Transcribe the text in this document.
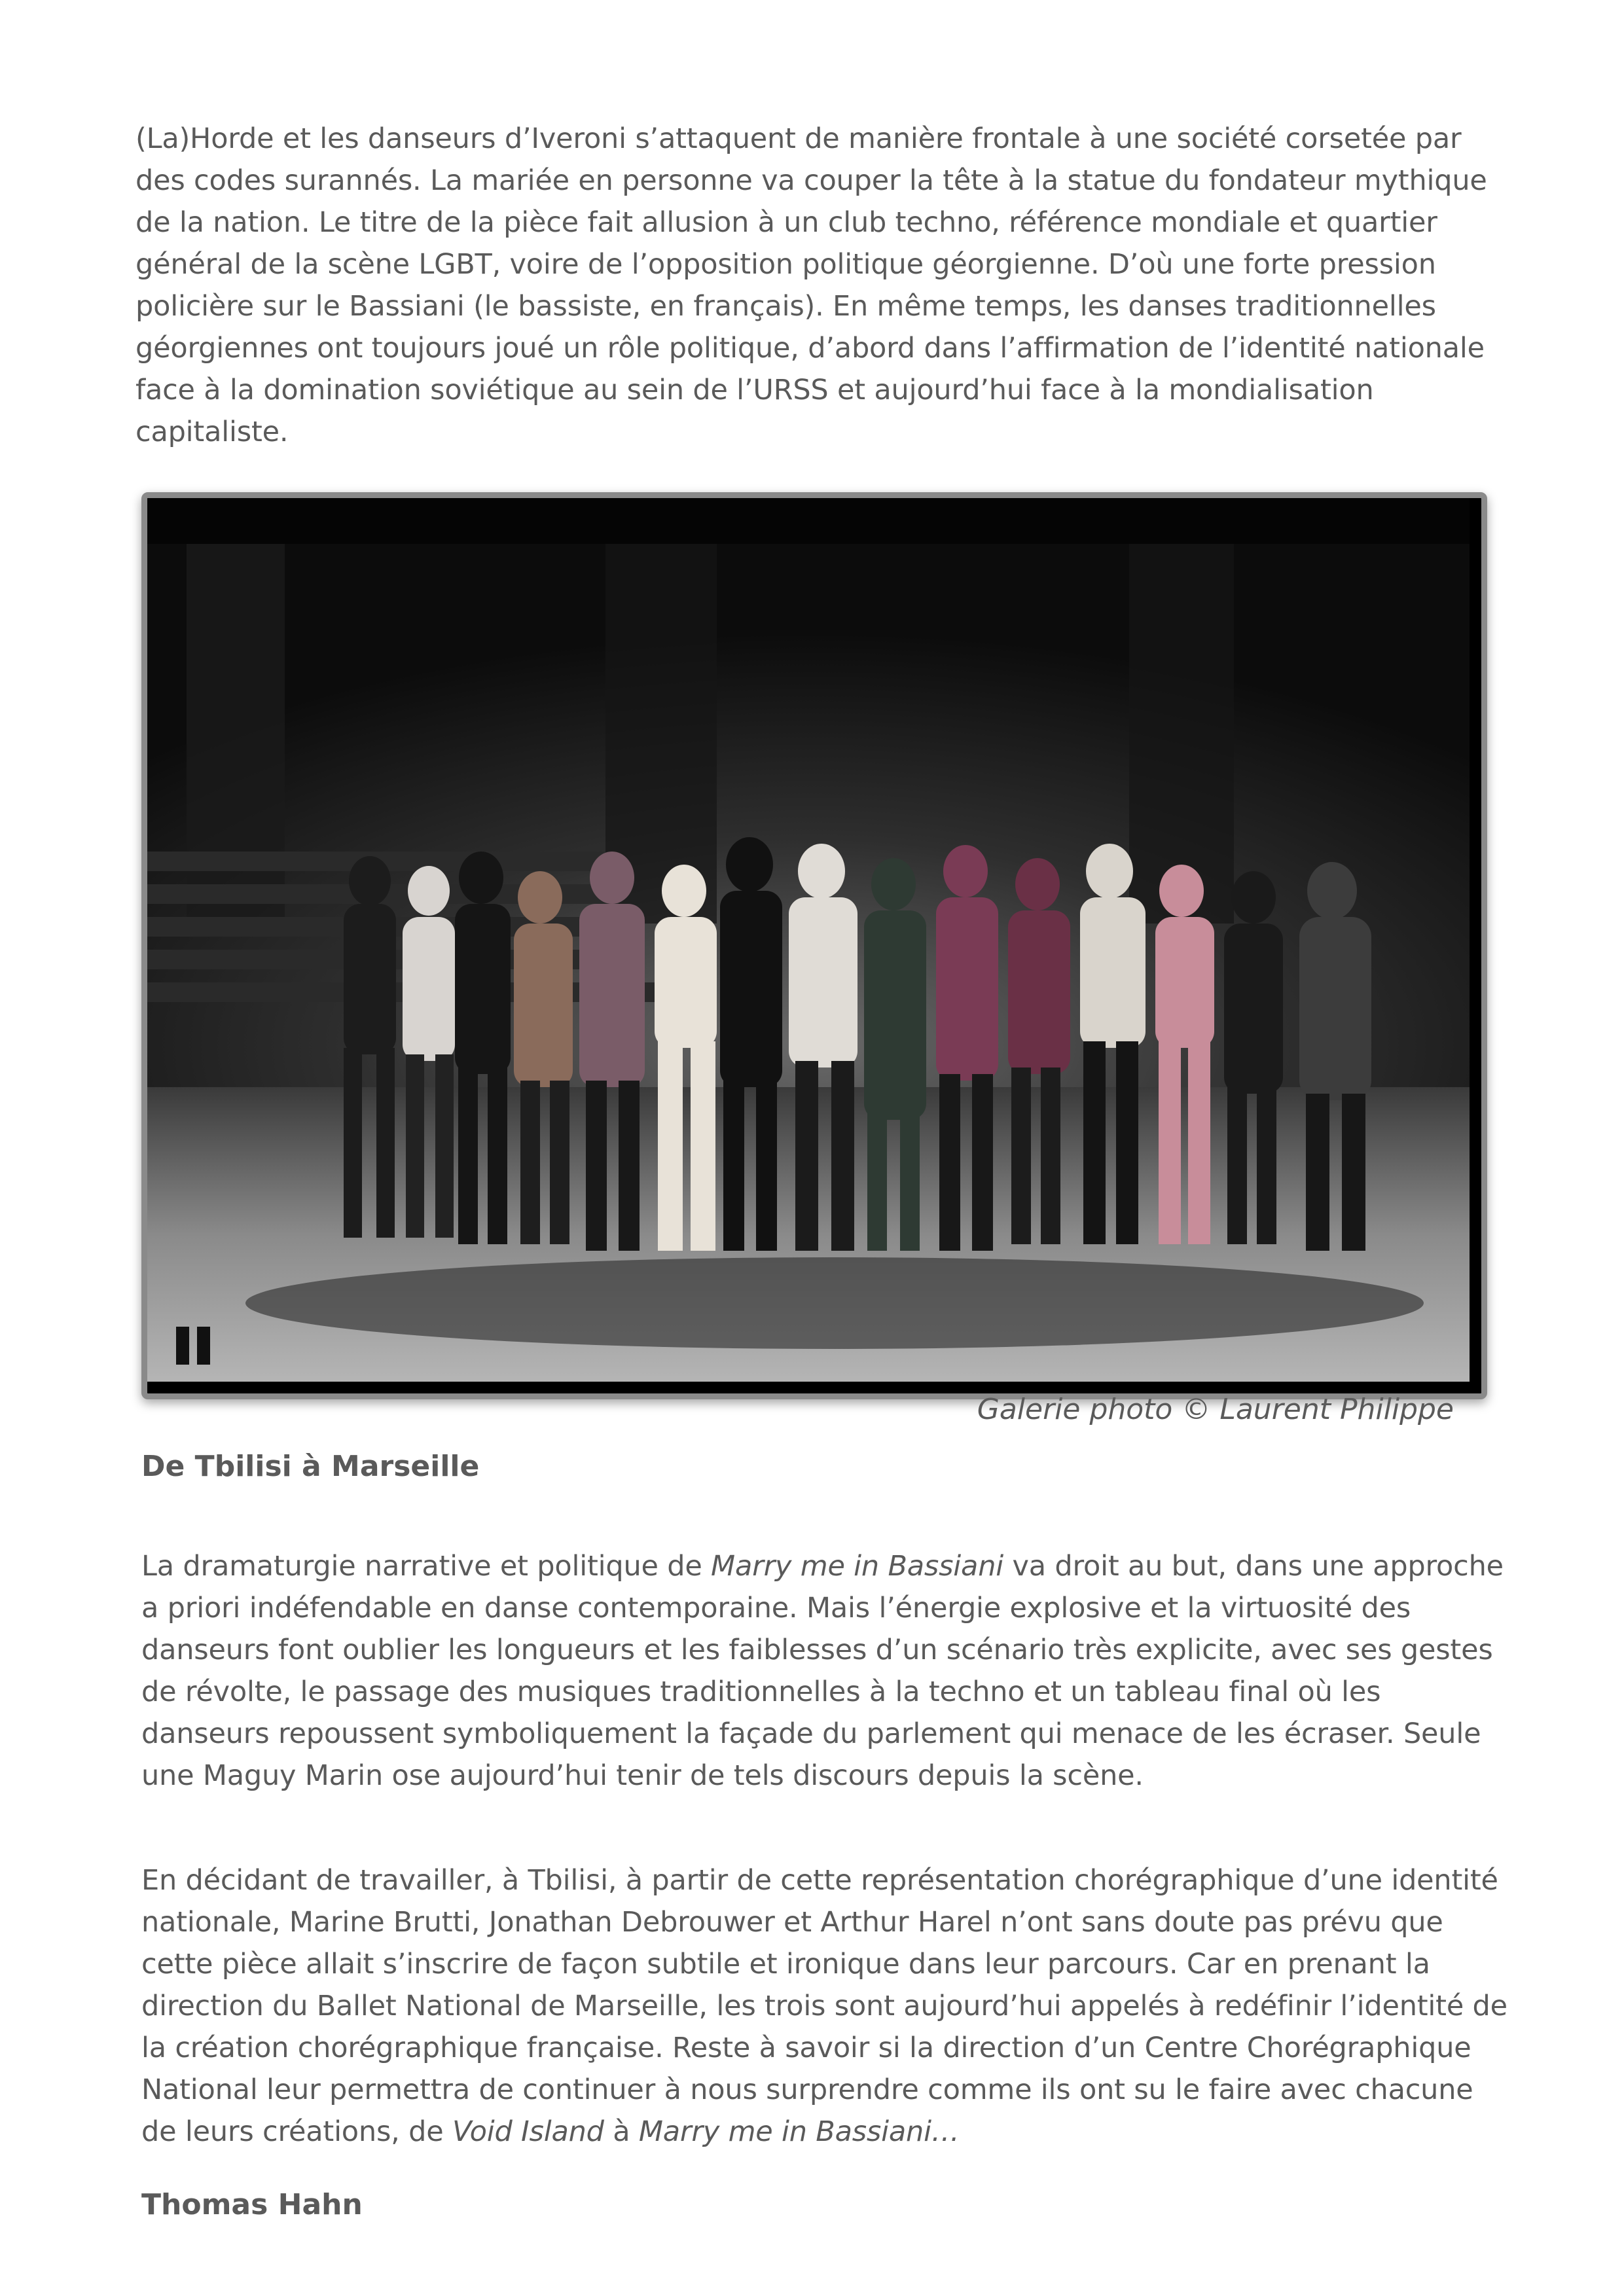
(La)Horde et les danseurs d’Iveroni s’attaquent de manière frontale à une société corsetée par des codes surannés. La mariée en personne va couper la tête à la statue du fondateur mythique de la nation. Le titre de la pièce fait allusion à un club techno, référence mondiale et quartier général de la scène LGBT, voire de l’opposition politique géorgienne. D’où une forte pression policière sur le Bassiani (le bassiste, en français). En même temps, les danses traditionnelles géorgiennes ont toujours joué un rôle politique, d’abord dans l’affirmation de l’identité nationale face à la domination soviétique au sein de l’URSS et aujourd’hui face à la mondialisation capitaliste.

Galerie photo © Laurent Philippe

De Tbilisi à Marseille

La dramaturgie narrative et politique de Marry me in Bassiani va droit au but, dans une approche a priori indéfendable en danse contemporaine. Mais l’énergie explosive et la virtuosité des danseurs font oublier les longueurs et les faiblesses d’un scénario très explicite, avec ses gestes de révolte, le passage des musiques traditionnelles à la techno et un tableau final où les danseurs repoussent symboliquement la façade du parlement qui menace de les écraser. Seule une Maguy Marin ose aujourd’hui tenir de tels discours depuis la scène.

En décidant de travailler, à Tbilisi, à partir de cette représentation chorégraphique d’une identité nationale, Marine Brutti, Jonathan Debrouwer et Arthur Harel n’ont sans doute pas prévu que cette pièce allait s’inscrire de façon subtile et ironique dans leur parcours. Car en prenant la direction du Ballet National de Marseille, les trois sont aujourd’hui appelés à redéfinir l’identité de la création chorégraphique française. Reste à savoir si la direction d’un Centre Chorégraphique National leur permettra de continuer à nous surprendre comme ils ont su le faire avec chacune de leurs créations, de Void Island à Marry me in Bassiani…

Thomas Hahn
